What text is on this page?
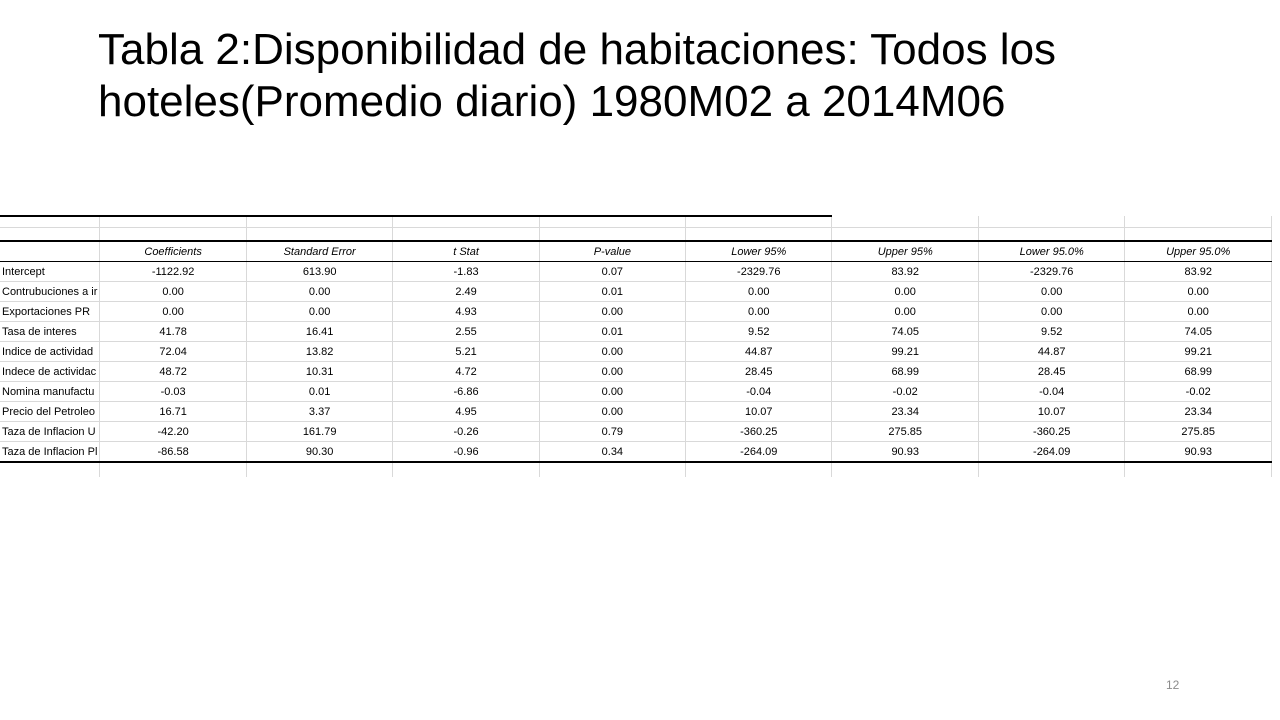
Tabla 2:Disponibilidad de habitaciones: Todos los hoteles(Promedio diario) 1980M02 a 2014M06

	Coefficients	Standard Error	t Stat	P-value	Lower 95%	Upper 95%	Lower 95.0%	Upper 95.0%
Intercept	-1122.92	613.90	-1.83	0.07	-2329.76	83.92	-2329.76	83.92
Contrubuciones a ir	0.00	0.00	2.49	0.01	0.00	0.00	0.00	0.00
Exportaciones PR	0.00	0.00	4.93	0.00	0.00	0.00	0.00	0.00
Tasa de interes	41.78	16.41	2.55	0.01	9.52	74.05	9.52	74.05
Indice de actividad	72.04	13.82	5.21	0.00	44.87	99.21	44.87	99.21
Indece de actividac	48.72	10.31	4.72	0.00	28.45	68.99	28.45	68.99
Nomina manufactu	-0.03	0.01	-6.86	0.00	-0.04	-0.02	-0.04	-0.02
Precio del Petroleo	16.71	3.37	4.95	0.00	10.07	23.34	10.07	23.34
Taza de Inflacion U	-42.20	161.79	-0.26	0.79	-360.25	275.85	-360.25	275.85
Taza de Inflacion Pl	-86.58	90.30	-0.96	0.34	-264.09	90.93	-264.09	90.93

12
